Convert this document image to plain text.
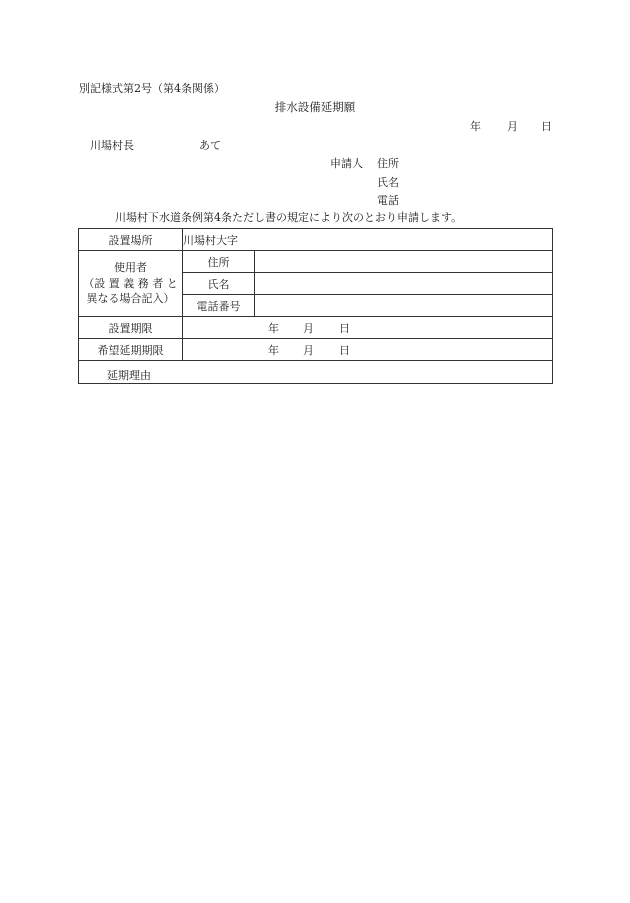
別記様式第2号（第4条関係）
排水設備延期願
年 月 日
川場村長	あて
申請人 住所
氏名
電話
川場村下水道条例第4条ただし書の規定により次のとおり申請します。
設置場所	川場村大字	

使用者
（設 置 義 務 者 と
異なる場合記入）	住所	
	氏名	
	電話番号	
設置期限	年 月 日	

希望延期期限	年 月 日	

延期理由		
